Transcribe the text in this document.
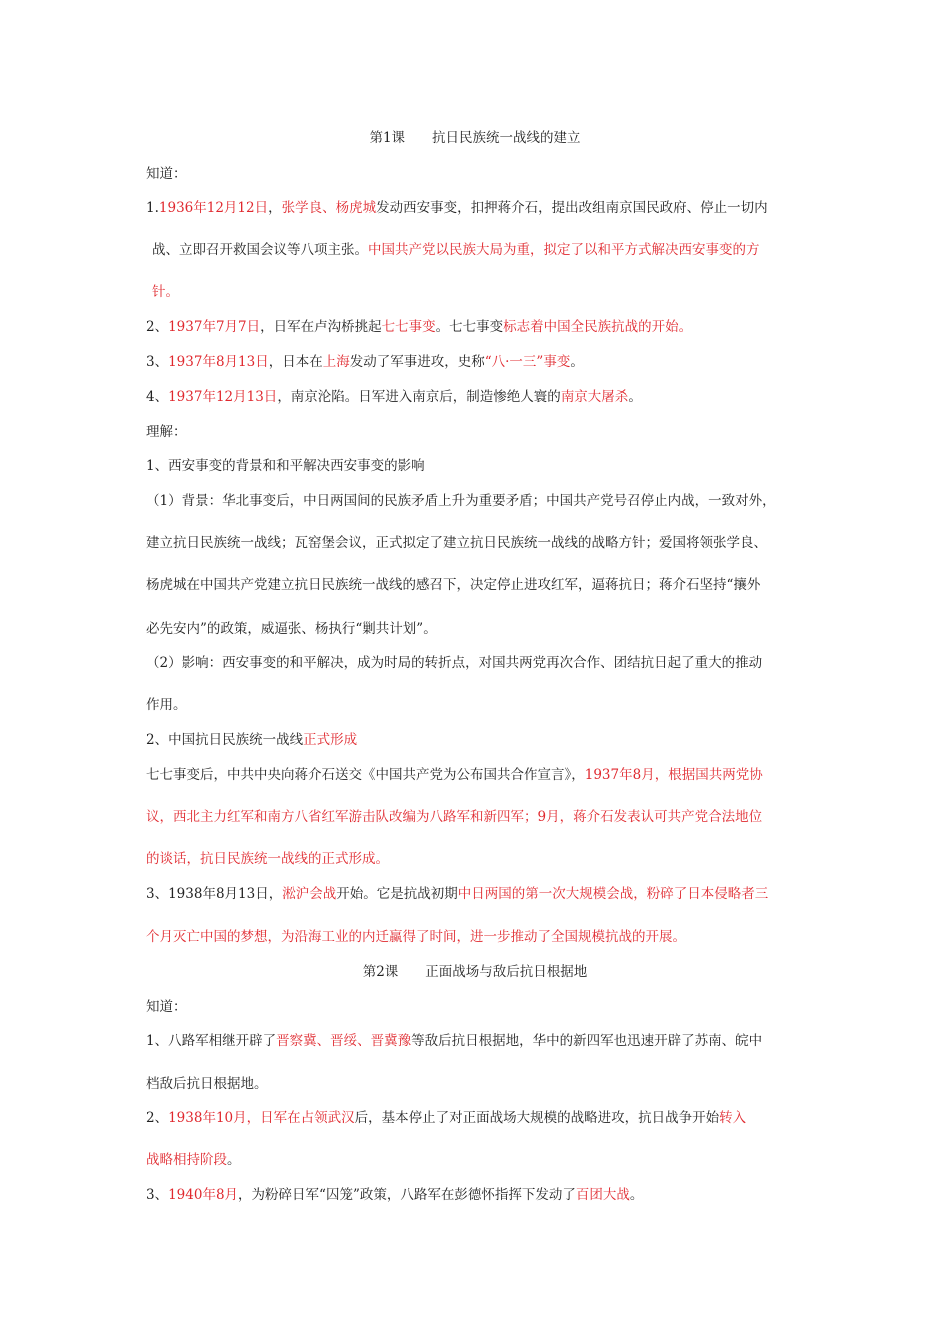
第1课　　抗日民族统一战线的建立
知道：
1.1936年12月12日，张学良、杨虎城发动西安事变，扣押蒋介石，提出改组南京国民政府、停止一切内
战、立即召开救国会议等八项主张。中国共产党以民族大局为重，拟定了以和平方式解决西安事变的方
针。
2、1937年7月7日，日军在卢沟桥挑起七七事变。七七事变标志着中国全民族抗战的开始。
3、1937年8月13日，日本在上海发动了军事进攻，史称“八·一三”事变。
4、1937年12月13日，南京沦陷。日军进入南京后，制造惨绝人寰的南京大屠杀。
理解：
1、西安事变的背景和和平解决西安事变的影响
（1）背景：华北事变后，中日两国间的民族矛盾上升为重要矛盾；中国共产党号召停止内战，一致对外，
建立抗日民族统一战线；瓦窑堡会议，正式拟定了建立抗日民族统一战线的战略方针；爱国将领张学良、
杨虎城在中国共产党建立抗日民族统一战线的感召下，决定停止进攻红军，逼蒋抗日；蒋介石坚持“攘外
必先安内”的政策，威逼张、杨执行“剿共计划”。
（2）影响：西安事变的和平解决，成为时局的转折点，对国共两党再次合作、团结抗日起了重大的推动
作用。
2、中国抗日民族统一战线正式形成
七七事变后，中共中央向蒋介石送交《中国共产党为公布国共合作宣言》，1937年8月，根据国共两党协
议，西北主力红军和南方八省红军游击队改编为八路军和新四军；9月，蒋介石发表认可共产党合法地位
的谈话，抗日民族统一战线的正式形成。
3、1938年8月13日，淞沪会战开始。它是抗战初期中日两国的第一次大规模会战，粉碎了日本侵略者三
个月灭亡中国的梦想，为沿海工业的内迁赢得了时间，进一步推动了全国规模抗战的开展。
第2课　　正面战场与敌后抗日根据地
知道：
1、八路军相继开辟了晋察冀、晋绥、晋冀豫等敌后抗日根据地，华中的新四军也迅速开辟了苏南、皖中
档敌后抗日根据地。
2、1938年10月，日军在占领武汉后，基本停止了对正面战场大规模的战略进攻，抗日战争开始转入
战略相持阶段。
3、1940年8月，为粉碎日军“囚笼”政策，八路军在彭德怀指挥下发动了百团大战。
